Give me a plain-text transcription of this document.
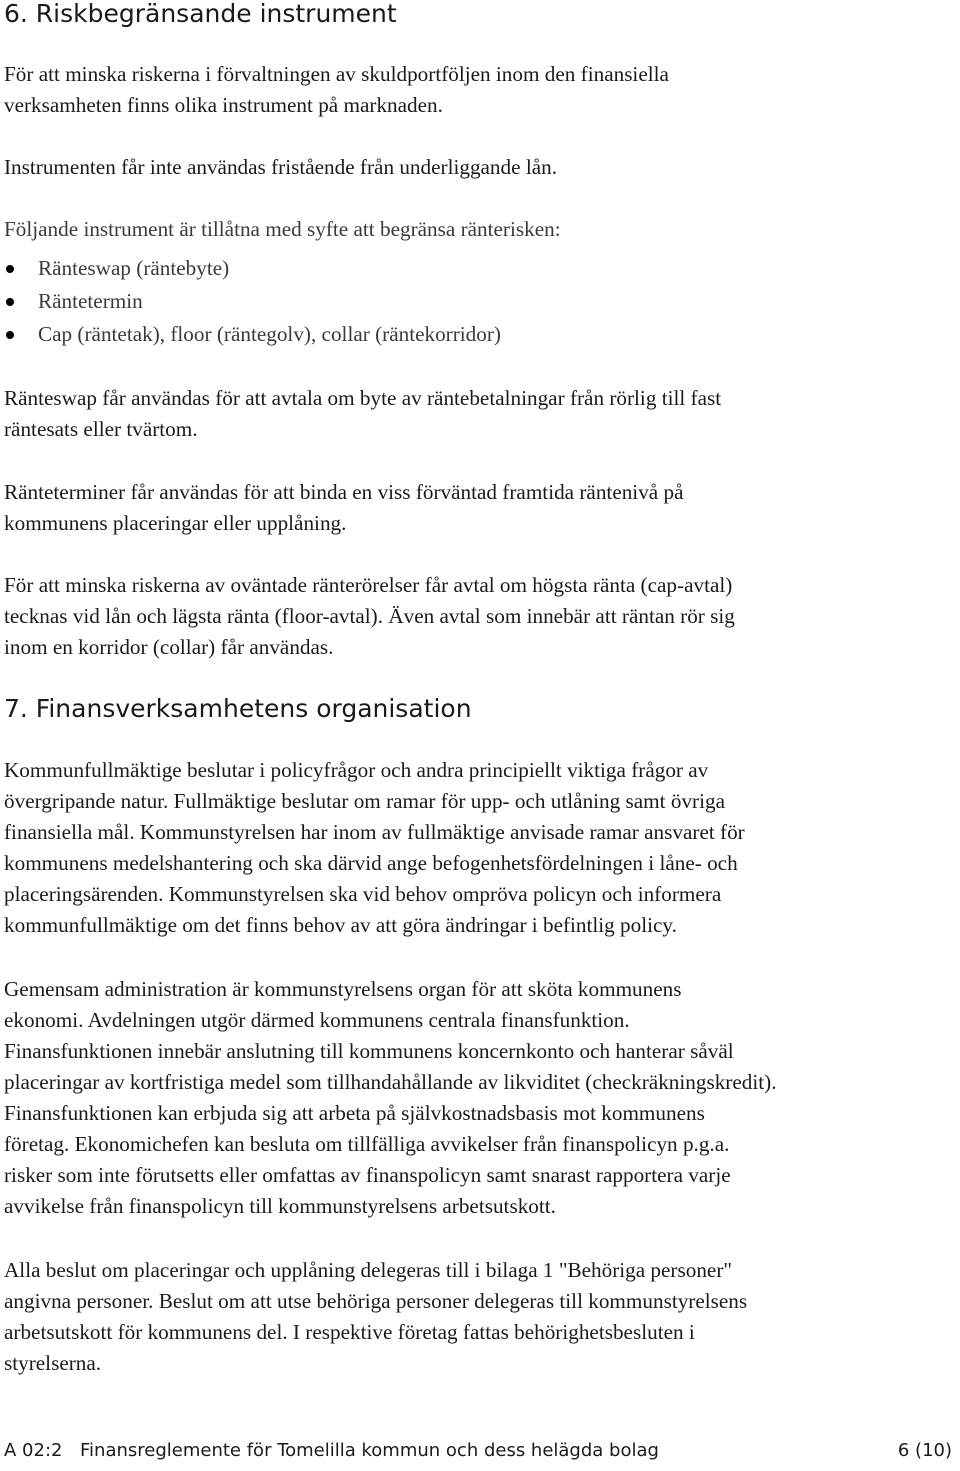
6. Riskbegränsande instrument
För att minska riskerna i förvaltningen av skuldportföljen inom den finansiella
verksamheten finns olika instrument på marknaden.
Instrumenten får inte användas fristående från underliggande lån.
Följande instrument är tillåtna med syfte att begränsa ränterisken:
Ränteswap (räntebyte)
Räntetermin
Cap (räntetak), floor (räntegolv), collar (räntekorridor)
Ränteswap får användas för att avtala om byte av räntebetalningar från rörlig till fast
räntesats eller tvärtom.
Ränteterminer får användas för att binda en viss förväntad framtida räntenivå på
kommunens placeringar eller upplåning.
För att minska riskerna av oväntade ränterörelser får avtal om högsta ränta (cap-avtal)
tecknas vid lån och lägsta ränta (floor-avtal). Även avtal som innebär att räntan rör sig
inom en korridor (collar) får användas.
7. Finansverksamhetens organisation
Kommunfullmäktige beslutar i policyfrågor och andra principiellt viktiga frågor av
övergripande natur. Fullmäktige beslutar om ramar för upp- och utlåning samt övriga
finansiella mål. Kommunstyrelsen har inom av fullmäktige anvisade ramar ansvaret för
kommunens medelshantering och ska därvid ange befogenhetsfördelningen i låne- och
placeringsärenden. Kommunstyrelsen ska vid behov ompröva policyn och informera
kommunfullmäktige om det finns behov av att göra ändringar i befintlig policy.
Gemensam administration är kommunstyrelsens organ för att sköta kommunens
ekonomi. Avdelningen utgör därmed kommunens centrala finansfunktion.
Finansfunktionen innebär anslutning till kommunens koncernkonto och hanterar såväl
placeringar av kortfristiga medel som tillhandahållande av likviditet (checkräkningskredit).
Finansfunktionen kan erbjuda sig att arbeta på självkostnadsbasis mot kommunens
företag. Ekonomichefen kan besluta om tillfälliga avvikelser från finanspolicyn p.g.a.
risker som inte förutsetts eller omfattas av finanspolicyn samt snarast rapportera varje
avvikelse från finanspolicyn till kommunstyrelsens arbetsutskott.
Alla beslut om placeringar och upplåning delegeras till i bilaga 1 "Behöriga personer"
angivna personer. Beslut om att utse behöriga personer delegeras till kommunstyrelsens
arbetsutskott för kommunens del. I respektive företag fattas behörighetsbesluten i
styrelserna.
A 02:2 Finansreglemente för Tomelilla kommun och dess helägda bolag	6 (10)
